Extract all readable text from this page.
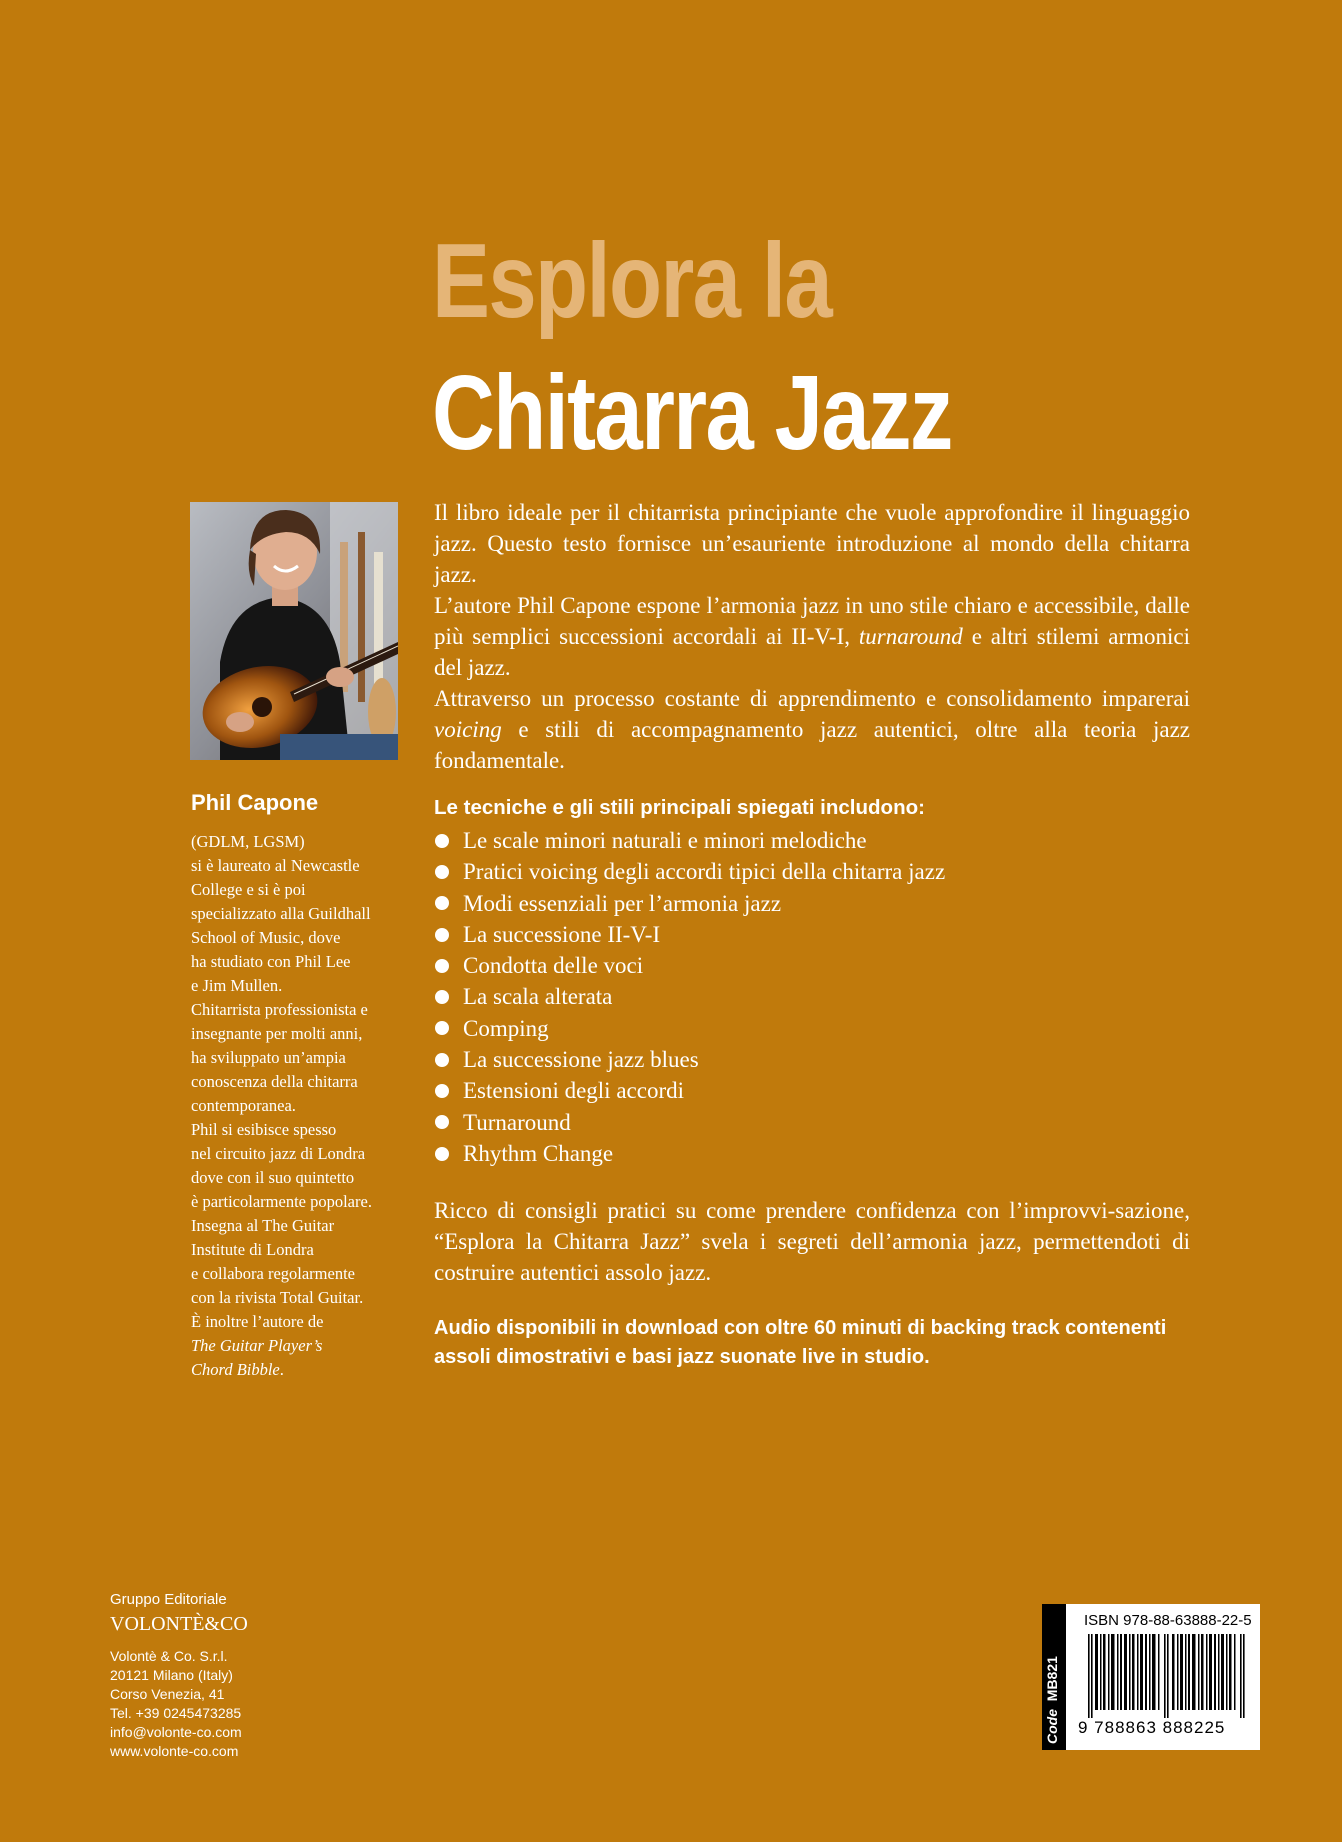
Esplora la
Chitarra Jazz

Phil Capone

(GDLM, LGSM)

si è laureato al Newcastle

College e si è poi

specializzato alla Guildhall

School of Music, dove

ha studiato con Phil Lee

e Jim Mullen.

Chitarrista professionista e

insegnante per molti anni,

ha sviluppato un’ampia

conoscenza della chitarra

contemporanea.

Phil si esibisce spesso

nel circuito jazz di Londra

dove con il suo quintetto

è particolarmente popolare.

Insegna al The Guitar

Institute di Londra

e collabora regolarmente

con la rivista Total Guitar.

È inoltre l’autore de

The Guitar Player’s

Chord Bibble.

Il libro ideale per il chitarrista principiante che vuole approfondire il linguaggio jazz. Questo testo fornisce un’esauriente introduzione al mondo della chitarra jazz.

L’autore Phil Capone espone l’armonia jazz in uno stile chiaro e accessibile, dalle più semplici successioni accordali ai II-V-I, turnaround e altri stilemi armonici del jazz.

Attraverso un processo costante di apprendimento e consolidamento imparerai voicing e stili di accompagnamento jazz autentici, oltre alla teoria jazz fondamentale.

Le tecniche e gli stili principali spiegati includono:

Le scale minori naturali e minori melodiche
Pratici voicing degli accordi tipici della chitarra jazz
Modi essenziali per l’armonia jazz
La successione II-V-I
Condotta delle voci
La scala alterata
Comping
La successione jazz blues
Estensioni degli accordi
Turnaround
Rhythm Change

Ricco di consigli pratici su come prendere confidenza con l’improvvi-sazione, “Esplora la Chitarra Jazz” svela i segreti dell’armonia jazz, permettendoti di costruire autentici assolo jazz.

Audio disponibili in download con oltre 60 minuti di backing track contenenti
assoli dimostrativi e basi jazz suonate live in studio.

Gruppo Editoriale
VOLONTÈ&CO
Volontè & Co. S.r.l.
20121 Milano (Italy)
Corso Venezia, 41
Tel. +39 0245473285
info@volonte-co.com
www.volonte-co.com
Code  MB821
ISBN 978-88-63888-22-5
9 788863 888225
